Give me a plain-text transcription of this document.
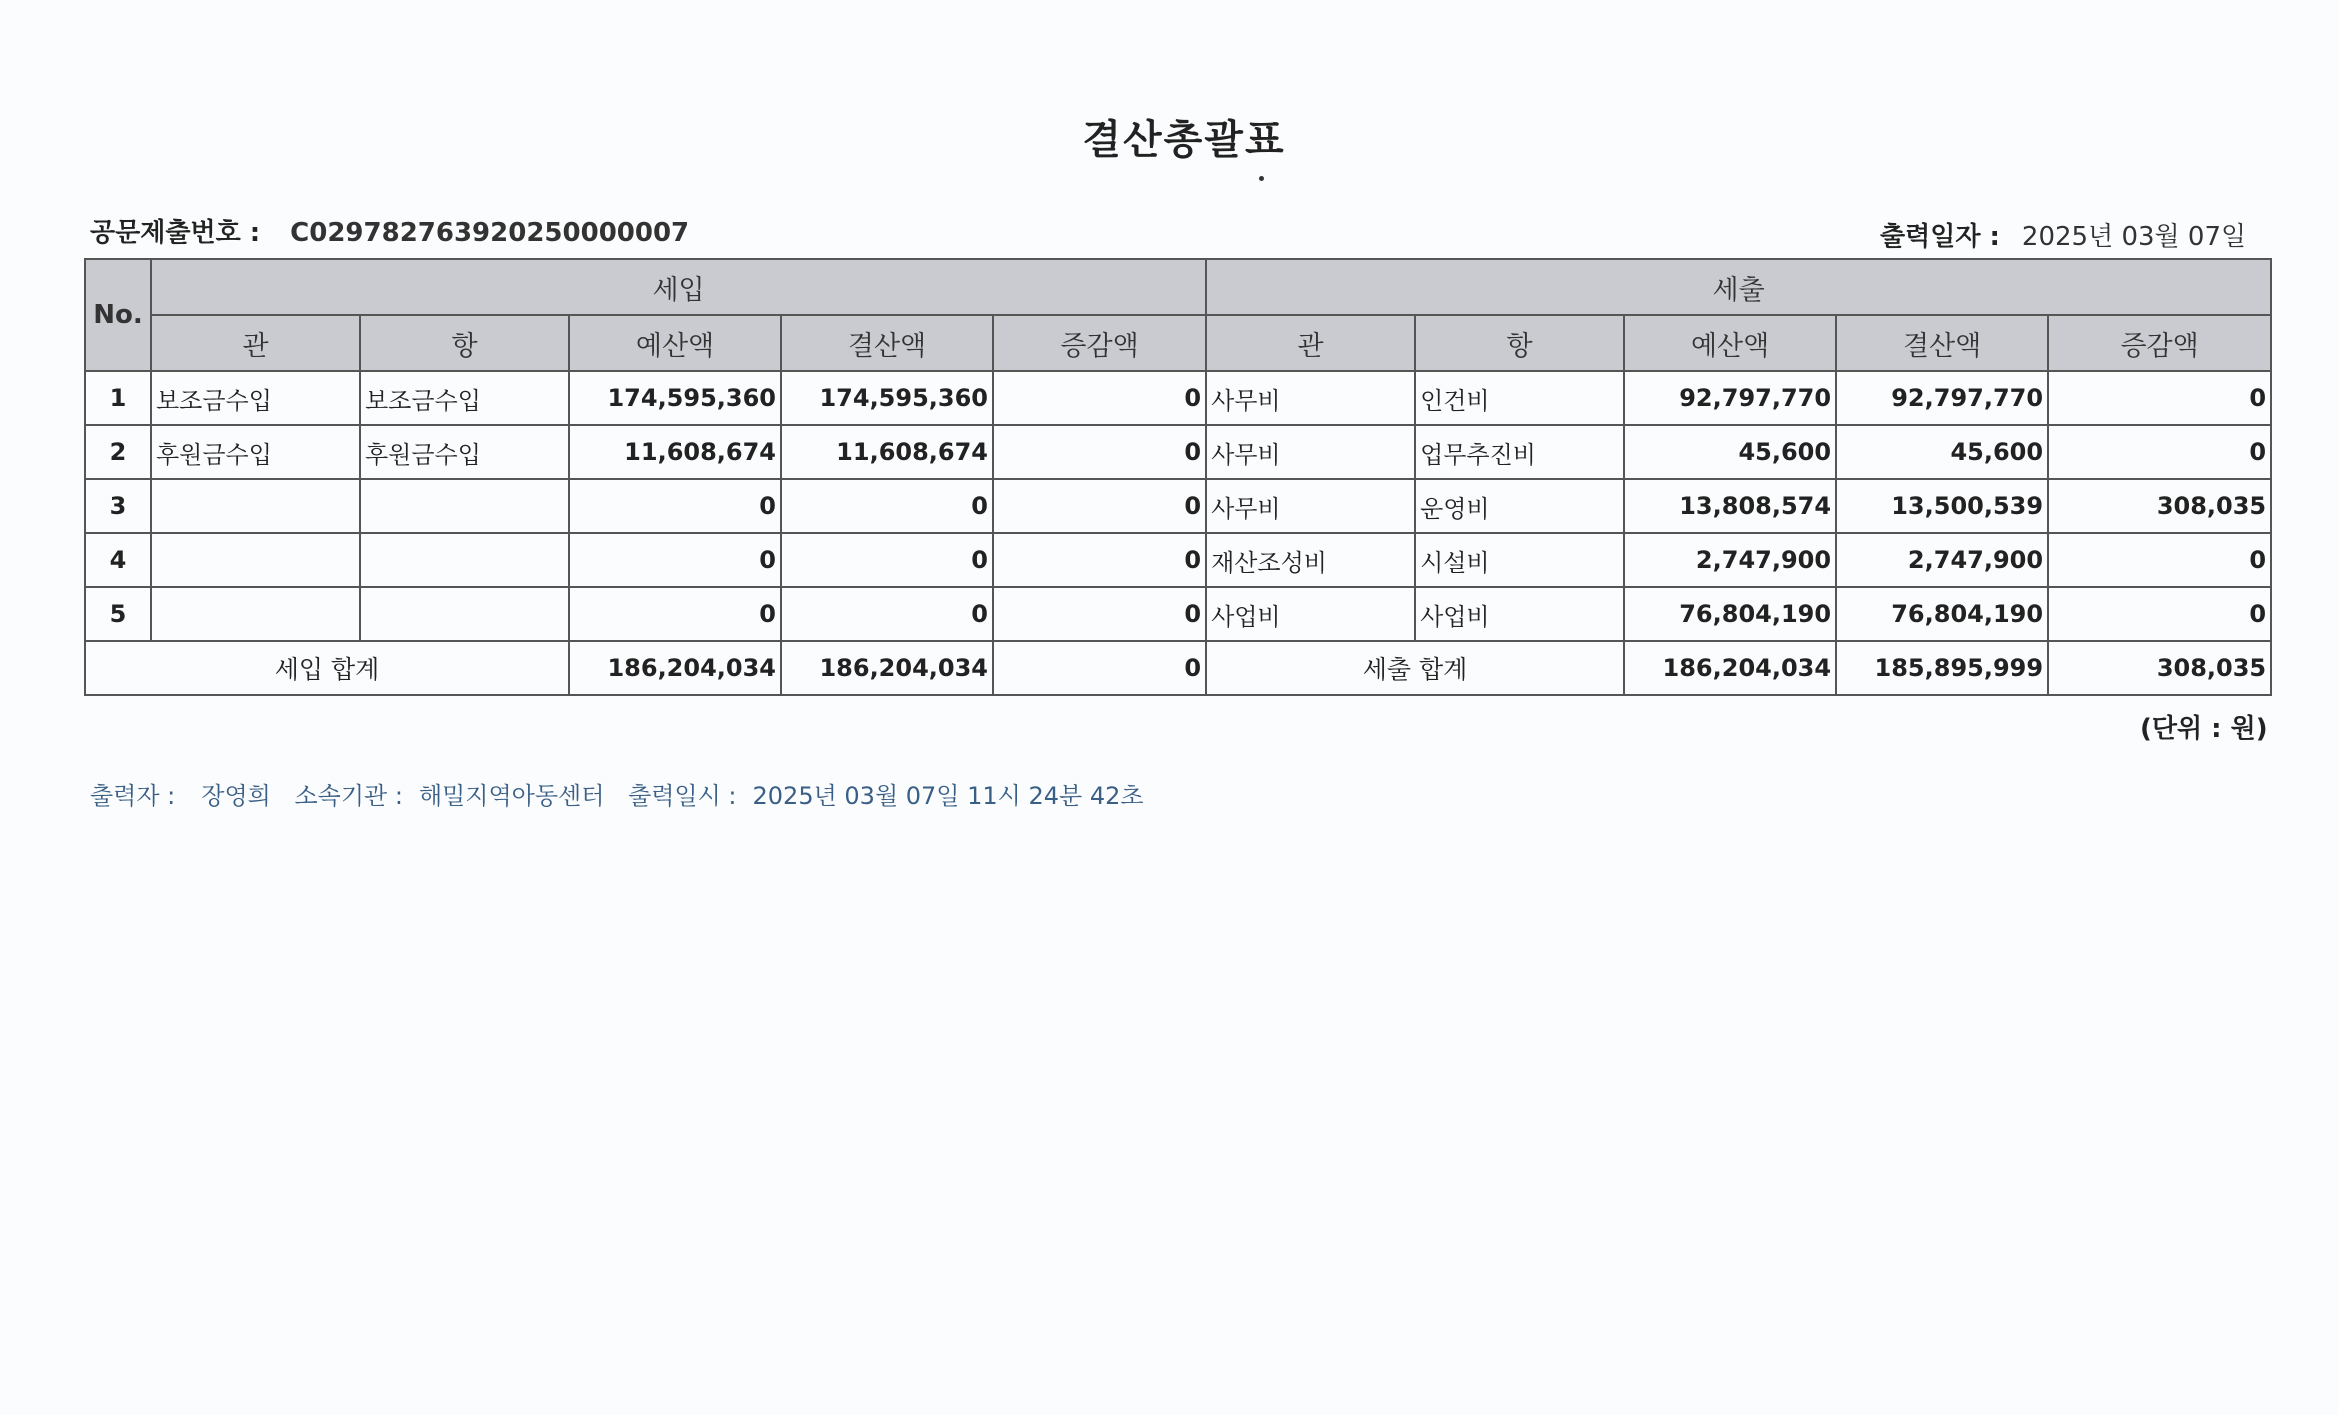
결산총괄표
공문제출번호 : C029782763920250000007	출력일자 : 2025년 03월 07일
No.	세입					세출				
	관	항	예산액	결산액	증감액	관	항	예산액	결산액	증감액
1	보조금수입	보조금수입	174,595,360	174,595,360	0	사무비	인건비	92,797,770	92,797,770	0
2	후원금수입	후원금수입	11,608,674	11,608,674	0	사무비	업무추진비	45,600	45,600	0
3			0	0	0	사무비	운영비	13,808,574	13,500,539	308,035
4			0	0	0	재산조성비	시설비	2,747,900	2,747,900	0
5			0	0	0	사업비	사업비	76,804,190	76,804,190	0
세입 합계			186,204,034	186,204,034	0	세출 합계		186,204,034	185,895,999	308,035
(단위 : 원)
출력자 : 장영희 소속기관 : 해밀지역아동센터 출력일시 : 2025년 03월 07일 11시 24분 42초
